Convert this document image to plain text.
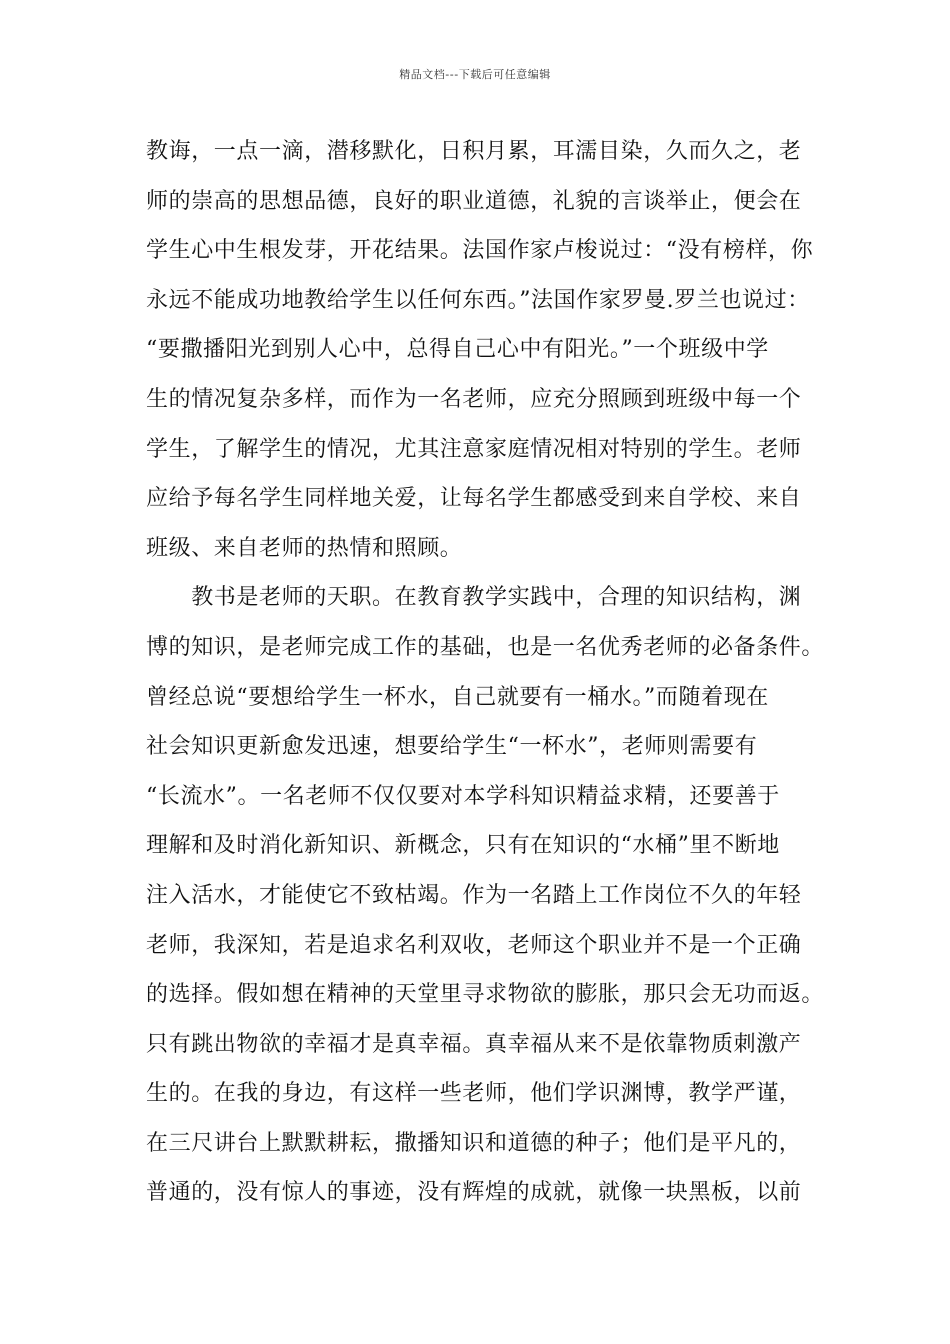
精品文档---下载后可任意编辑
教诲，一点一滴，潜移默化，日积月累，耳濡目染，久而久之，老
师的崇高的思想品德，良好的职业道德，礼貌的言谈举止，便会在
学生心中生根发芽，开花结果。法国作家卢梭说过：“没有榜样，你
永远不能成功地教给学生以任何东西。”法国作家罗曼.罗兰也说过：
“要撒播阳光到别人心中，总得自己心中有阳光。”一个班级中学
生的情况复杂多样，而作为一名老师，应充分照顾到班级中每一个
学生，了解学生的情况，尤其注意家庭情况相对特别的学生。老师
应给予每名学生同样地关爱，让每名学生都感受到来自学校、来自
班级、来自老师的热情和照顾。
　　教书是老师的天职。在教育教学实践中，合理的知识结构，渊
博的知识，是老师完成工作的基础，也是一名优秀老师的必备条件。
曾经总说“要想给学生一杯水，自己就要有一桶水。”而随着现在
社会知识更新愈发迅速，想要给学生“一杯水”，老师则需要有
“长流水”。一名老师不仅仅要对本学科知识精益求精，还要善于
理解和及时消化新知识、新概念，只有在知识的“水桶”里不断地
注入活水，才能使它不致枯竭。作为一名踏上工作岗位不久的年轻
老师，我深知，若是追求名利双收，老师这个职业并不是一个正确
的选择。假如想在精神的天堂里寻求物欲的膨胀，那只会无功而返。
只有跳出物欲的幸福才是真幸福。真幸福从来不是依靠物质刺激产
生的。在我的身边，有这样一些老师，他们学识渊博，教学严谨，
在三尺讲台上默默耕耘，撒播知识和道德的种子；他们是平凡的，
普通的，没有惊人的事迹，没有辉煌的成就，就像一块黑板，以前
